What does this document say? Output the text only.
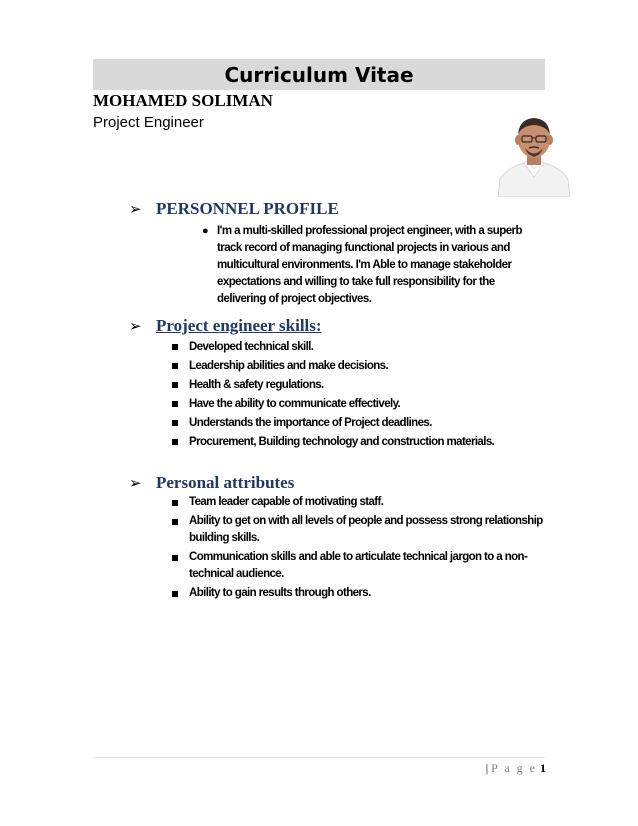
Curriculum Vitae
MOHAMED SOLIMAN
Project Engineer
➢ PERSONNEL PROFILE
● I'm a multi-skilled professional project engineer, with a superb track record of managing functional projects in various and multicultural environments. I'm Able to manage stakeholder expectations and willing to take full responsibility for the delivering of project objectives.
➢ Project engineer skills:
Developed technical skill.
Leadership abilities and make decisions.
Health & safety regulations.
Have the ability to communicate effectively.
Understands the importance of Project deadlines.
Procurement, Building technology and construction materials.
➢ Personal attributes
Team leader capable of motivating staff.
Ability to get on with all levels of people and possess strong relationship building skills.
Communication skills and able to articulate technical jargon to a non-technical audience.
Ability to gain results through others.
| P a g e 1
